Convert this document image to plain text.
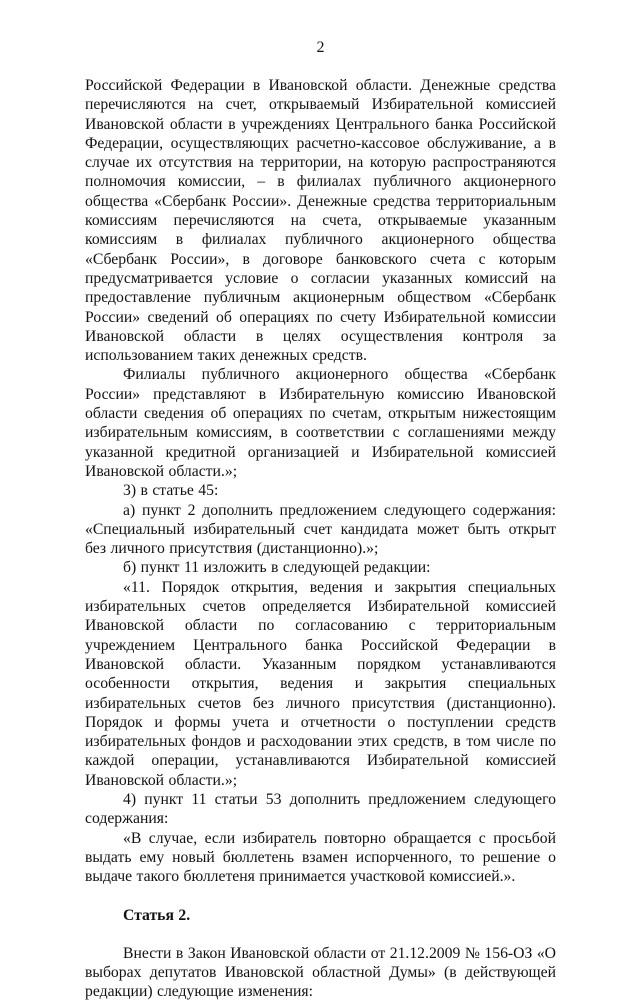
2

Российской Федерации в Ивановской области. Денежные средства перечисляются на счет, открываемый Избирательной комиссией Ивановской области в учреждениях Центрального банка Российской Федерации, осуществляющих расчетно-кассовое обслуживание, а в случае их отсутствия на территории, на которую распространяются полномочия комиссии, – в филиалах публичного акционерного общества «Сбербанк России». Денежные средства территориальным комиссиям перечисляются на счета, открываемые указанным комиссиям в филиалах публичного акционерного общества «Сбербанк России», в договоре банковского счета с которым предусматривается условие о согласии указанных комиссий на предоставление публичным акционерным обществом «Сбербанк России» сведений об операциях по счету Избирательной комиссии Ивановской области в целях осуществления контроля за использованием таких денежных средств.

Филиалы публичного акционерного общества «Сбербанк России» представляют в Избирательную комиссию Ивановской области сведения об операциях по счетам, открытым нижестоящим избирательным комиссиям, в соответствии с соглашениями между указанной кредитной организацией и Избирательной комиссией Ивановской области.»;

3) в статье 45:

а) пункт 2 дополнить предложением следующего содержания: «Специальный избирательный счет кандидата может быть открыт без личного присутствия (дистанционно).»;

б) пункт 11 изложить в следующей редакции:

«11. Порядок открытия, ведения и закрытия специальных избирательных счетов определяется Избирательной комиссией Ивановской области по согласованию с территориальным учреждением Центрального банка Российской Федерации в Ивановской области. Указанным порядком устанавливаются особенности открытия, ведения и закрытия специальных избирательных счетов без личного присутствия (дистанционно). Порядок и формы учета и отчетности о поступлении средств избирательных фондов и расходовании этих средств, в том числе по каждой операции, устанавливаются Избирательной комиссией Ивановской области.»;

4) пункт 11 статьи 53 дополнить предложением следующего содержания:

«В случае, если избиратель повторно обращается с просьбой выдать ему новый бюллетень взамен испорченного, то решение о выдаче такого бюллетеня принимается участковой комиссией.».

Статья 2.

Внести в Закон Ивановской области от 21.12.2009 № 156-ОЗ «О выборах депутатов Ивановской областной Думы» (в действующей редакции) следующие изменения:
